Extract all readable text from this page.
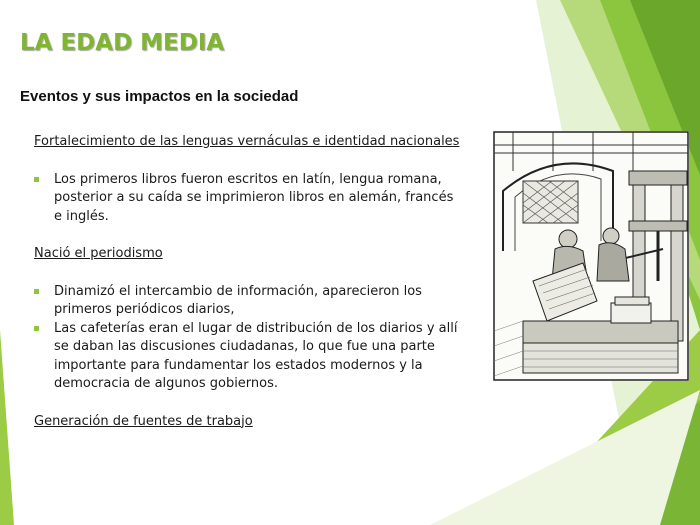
LA EDAD MEDIA
Eventos y sus impactos en la sociedad

Fortalecimiento de las lenguas vernáculas e identidad nacionales

Los primeros libros fueron escritos en latín, lengua romana, posterior a su caída se imprimieron libros en alemán, francés e inglés.

Nació el periodismo

Dinamizó el intercambio de información, aparecieron los primeros periódicos diarios,
Las cafeterías eran el lugar de distribución de los diarios y allí se daban las discusiones ciudadanas, lo que fue una parte importante para fundamentar los estados modernos y la democracia de algunos gobiernos.

Generación de fuentes de trabajo
